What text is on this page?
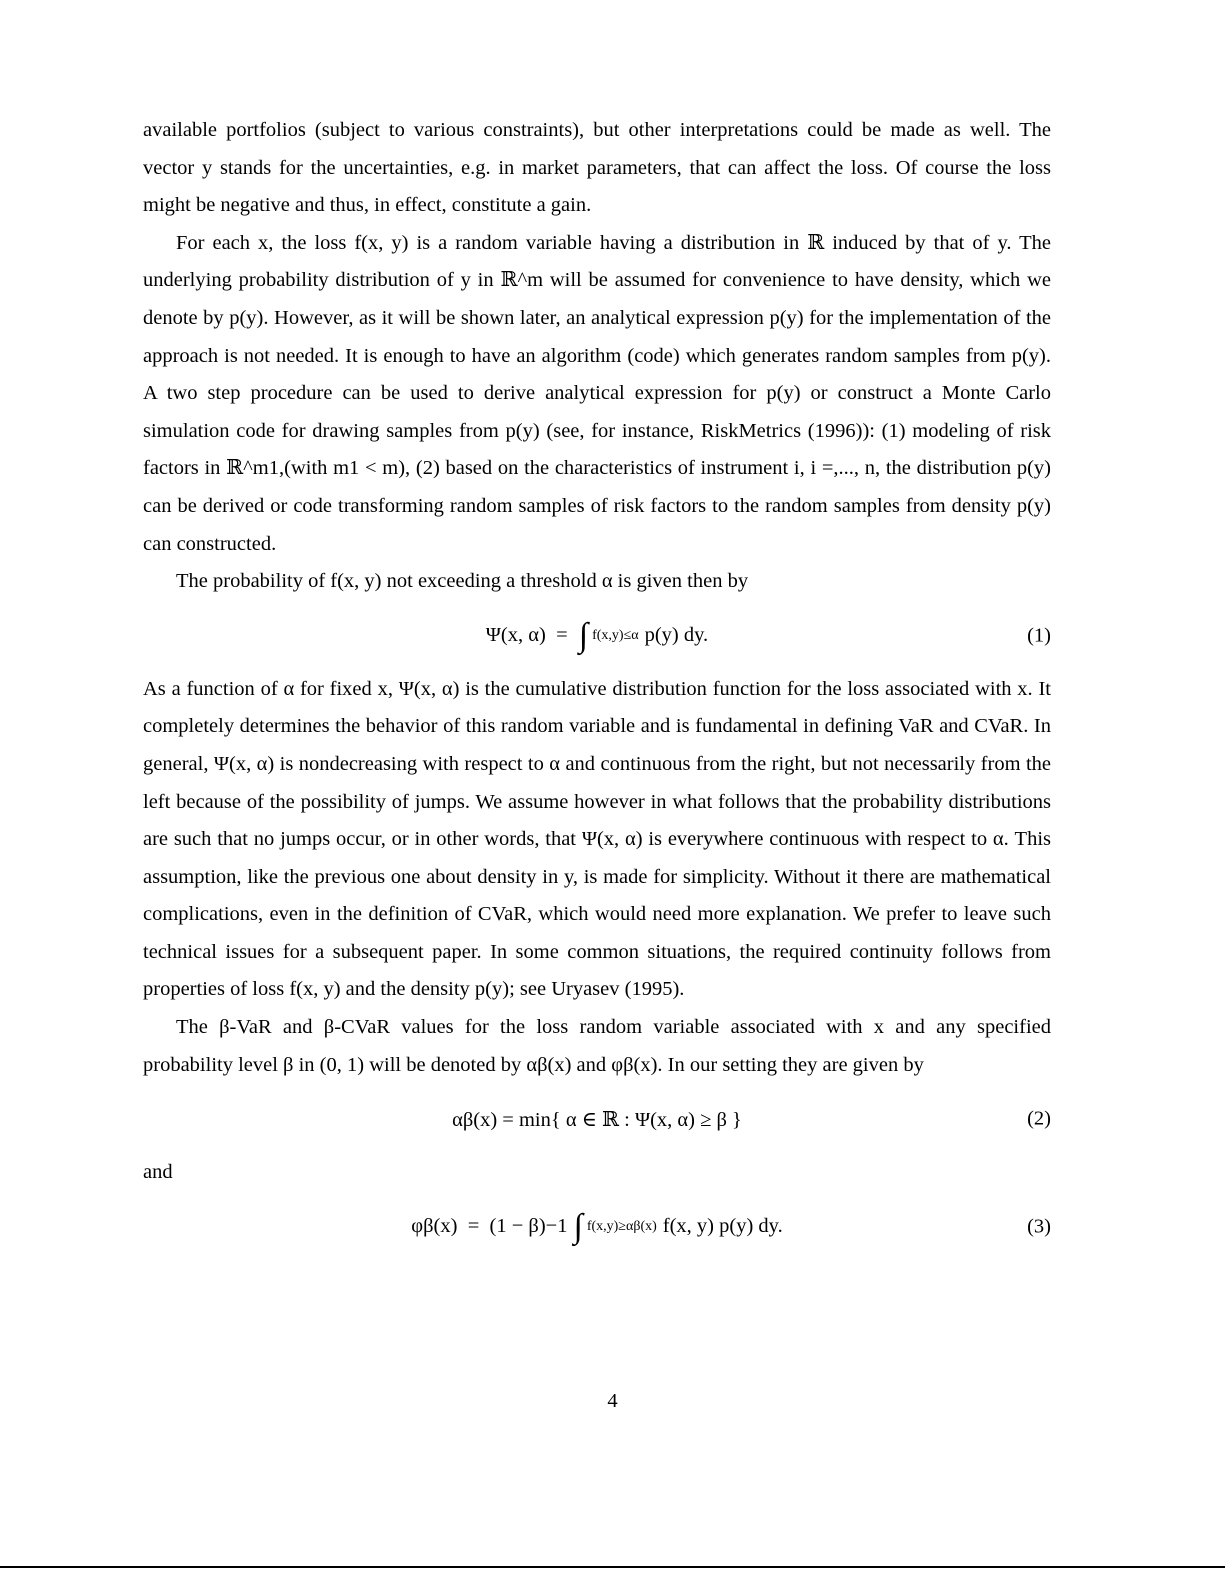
available portfolios (subject to various constraints), but other interpretations could be made as well. The vector y stands for the uncertainties, e.g. in market parameters, that can affect the loss. Of course the loss might be negative and thus, in effect, constitute a gain.

For each x, the loss f(x, y) is a random variable having a distribution in ℝ induced by that of y. The underlying probability distribution of y in ℝ^m will be assumed for convenience to have density, which we denote by p(y). However, as it will be shown later, an analytical expression p(y) for the implementation of the approach is not needed. It is enough to have an algorithm (code) which generates random samples from p(y). A two step procedure can be used to derive analytical expression for p(y) or construct a Monte Carlo simulation code for drawing samples from p(y) (see, for instance, RiskMetrics (1996)): (1) modeling of risk factors in ℝ^m1,(with m1 < m), (2) based on the characteristics of instrument i, i =,..., n, the distribution p(y) can be derived or code transforming random samples of risk factors to the random samples from density p(y) can constructed.

The probability of f(x, y) not exceeding a threshold α is given then by

Ψ(x, α)
=
∫ f(x,y)≤α p(y) dy.	(1)

As a function of α for fixed x, Ψ(x, α) is the cumulative distribution function for the loss associated with x. It completely determines the behavior of this random variable and is fundamental in defining VaR and CVaR. In general, Ψ(x, α) is nondecreasing with respect to α and continuous from the right, but not necessarily from the left because of the possibility of jumps. We assume however in what follows that the probability distributions are such that no jumps occur, or in other words, that Ψ(x, α) is everywhere continuous with respect to α. This assumption, like the previous one about density in y, is made for simplicity. Without it there are mathematical complications, even in the definition of CVaR, which would need more explanation. We prefer to leave such technical issues for a subsequent paper. In some common situations, the required continuity follows from properties of loss f(x, y) and the density p(y); see Uryasev (1995).

The β-VaR and β-CVaR values for the loss random variable associated with x and any specified probability level β in (0, 1) will be denoted by αβ(x) and φβ(x). In our setting they are given by

αβ(x) = min{ α ∈ ℝ : Ψ(x, α) ≥ β }	(2)

and

φβ(x)
=
(1 − β)−1 ∫ f(x,y)≥αβ(x) f(x, y) p(y) dy.	(3)
4
